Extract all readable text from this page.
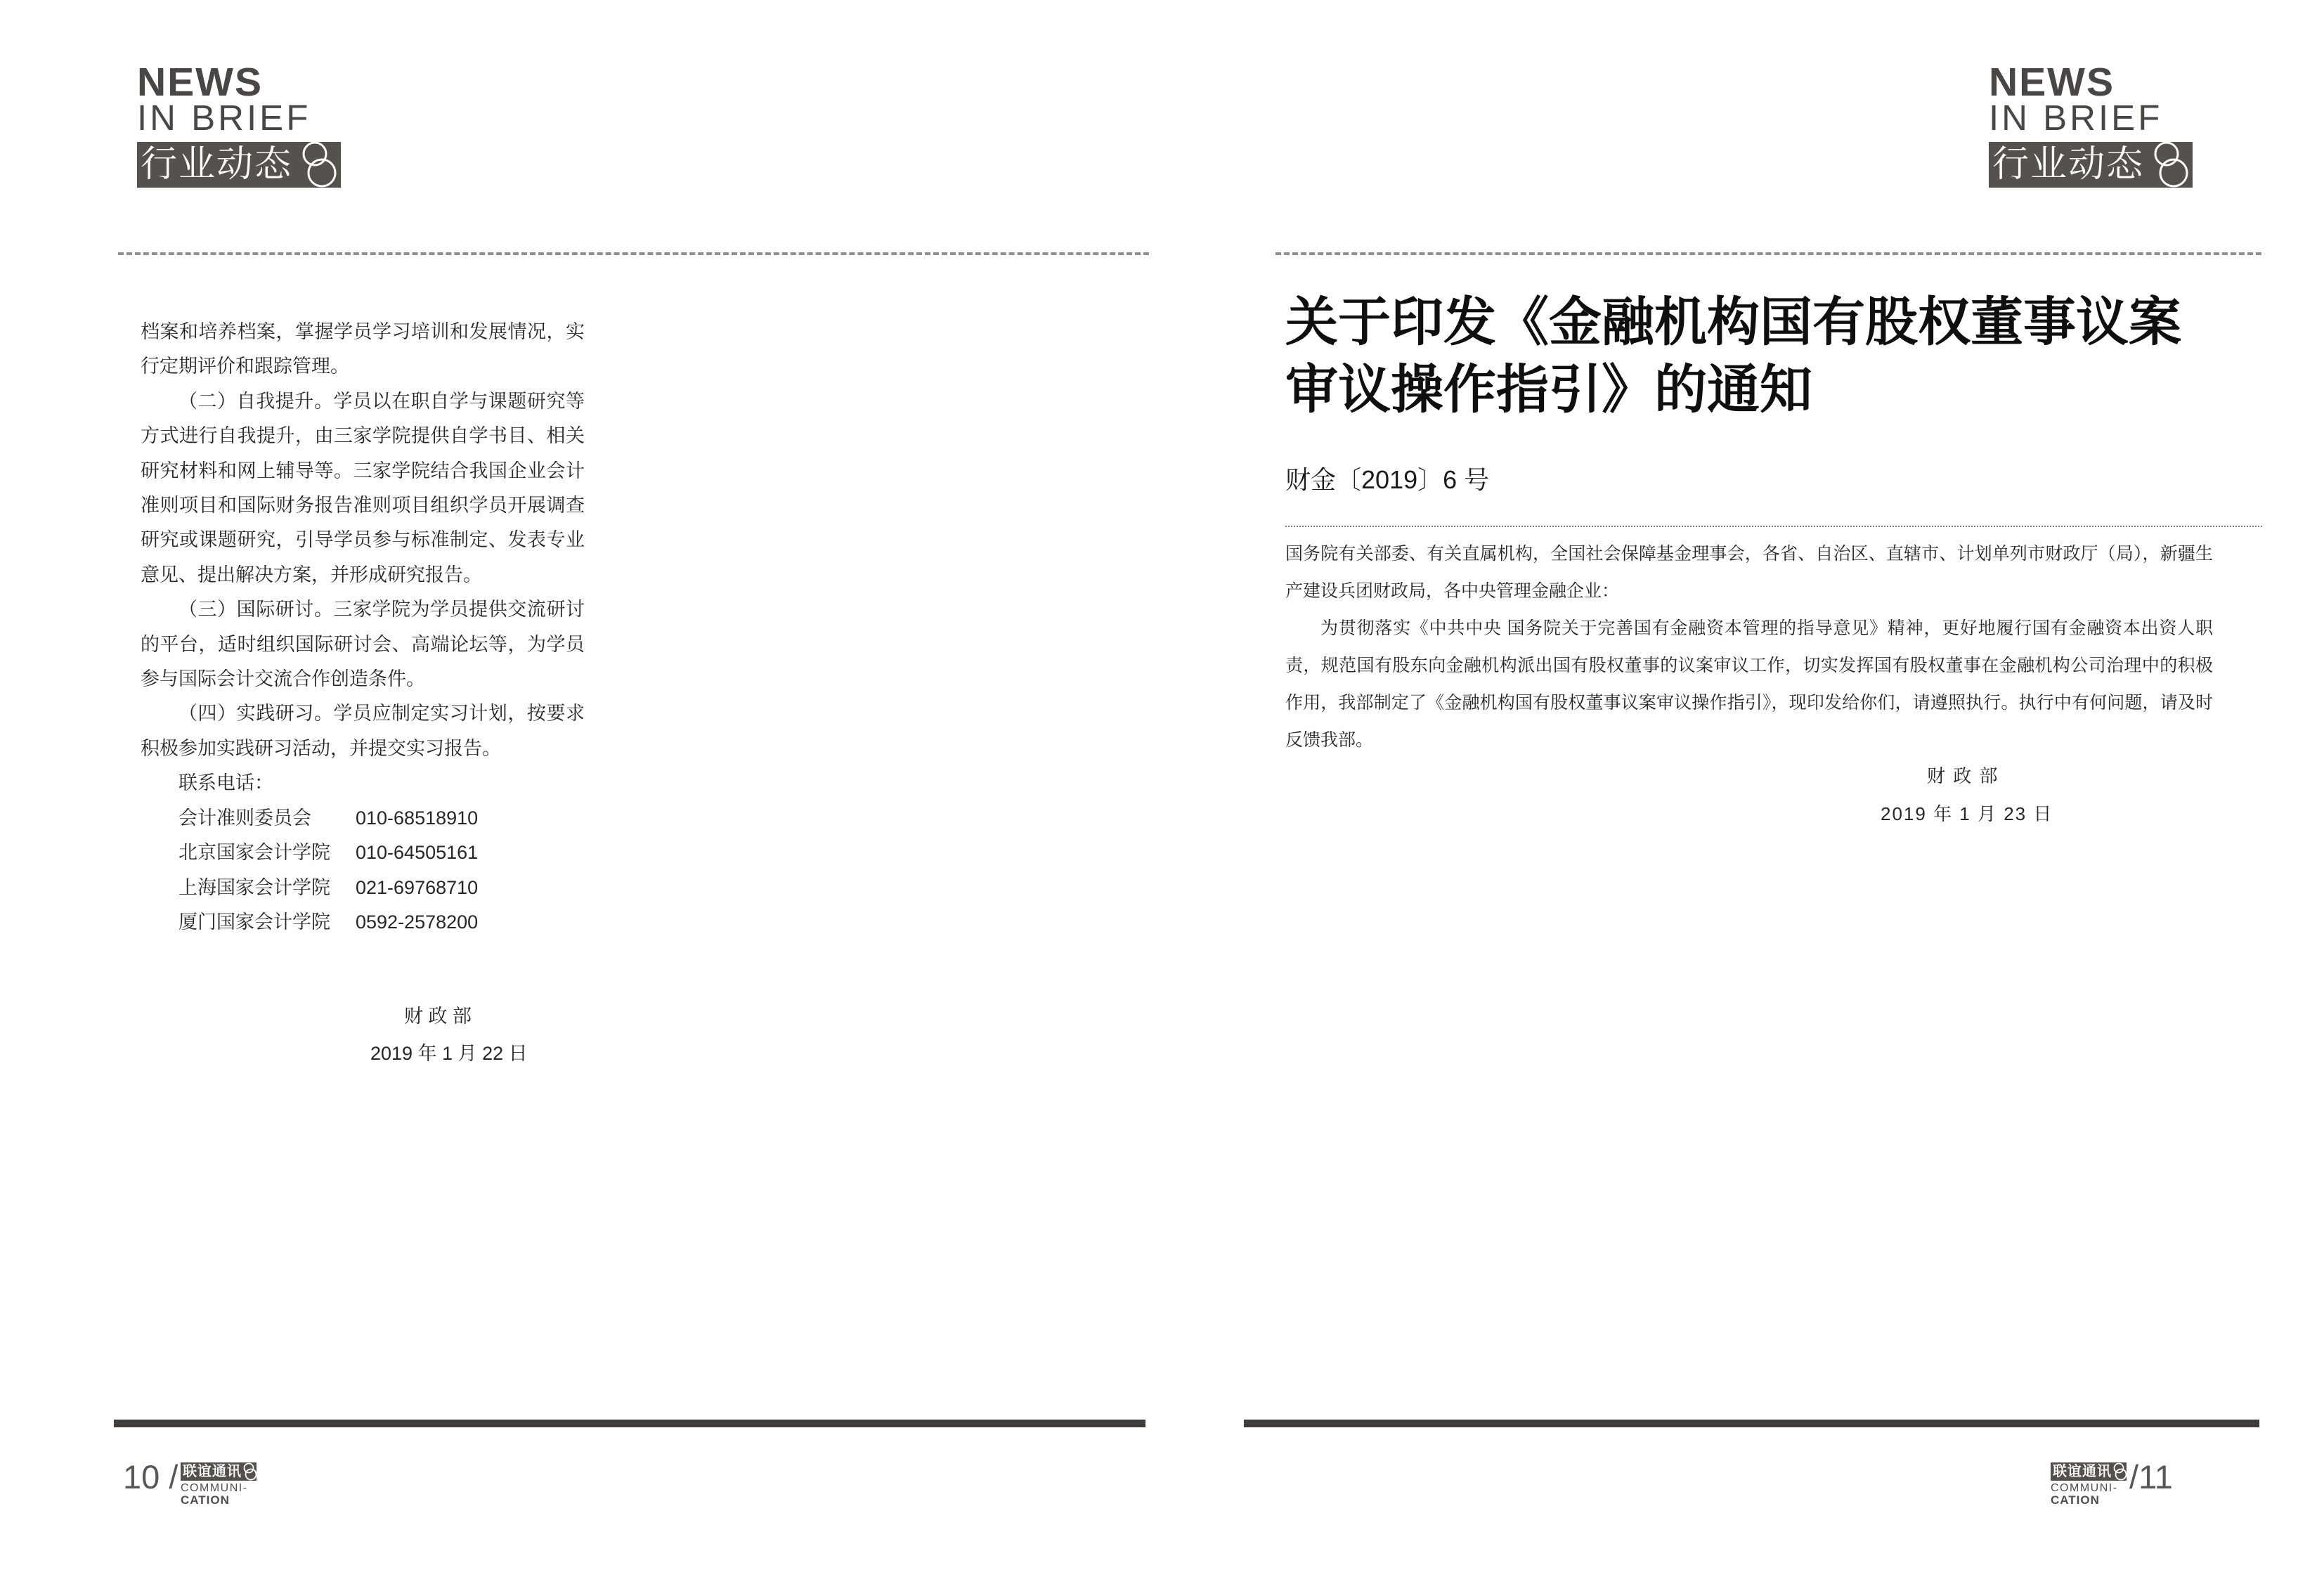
NEWS
IN BRIEF
行业动态
NEWS
IN BRIEF
行业动态

档案和培养档案，掌握学员学习培训和发展情况，实行定期评价和跟踪管理。

（二）自我提升。学员以在职自学与课题研究等方式进行自我提升，由三家学院提供自学书目、相关研究材料和网上辅导等。三家学院结合我国企业会计准则项目和国际财务报告准则项目组织学员开展调查研究或课题研究，引导学员参与标准制定、发表专业意见、提出解决方案，并形成研究报告。

（三）国际研讨。三家学院为学员提供交流研讨的平台，适时组织国际研讨会、高端论坛等，为学员参与国际会计交流合作创造条件。

（四）实践研习。学员应制定实习计划，按要求积极参加实践研习活动，并提交实习报告。

联系电话：

会计准则委员会 010-68518910
北京国家会计学院 010-64505161
上海国家会计学院 021-69768710
厦门国家会计学院 0592-2578200
财 政 部
2019 年 1 月 22 日
关于印发《金融机构国有股权董事议案
审议操作指引》的通知
财金〔2019〕6 号

国务院有关部委、有关直属机构，全国社会保障基金理事会，各省、自治区、直辖市、计划单列市财政厅（局），新疆生产建设兵团财政局，各中央管理金融企业：

为贯彻落实《中共中央 国务院关于完善国有金融资本管理的指导意见》精神，更好地履行国有金融资本出资人职责，规范国有股东向金融机构派出国有股权董事的议案审议工作，切实发挥国有股权董事在金融机构公司治理中的积极作用，我部制定了《金融机构国有股权董事议案审议操作指引》，现印发给你们，请遵照执行。执行中有何问题，请及时反馈我部。

财 政 部
2019 年 1 月 23 日
10 / 联谊通讯
COMMUNI-
CATION
联谊通讯
COMMUNI-
CATION
/11
